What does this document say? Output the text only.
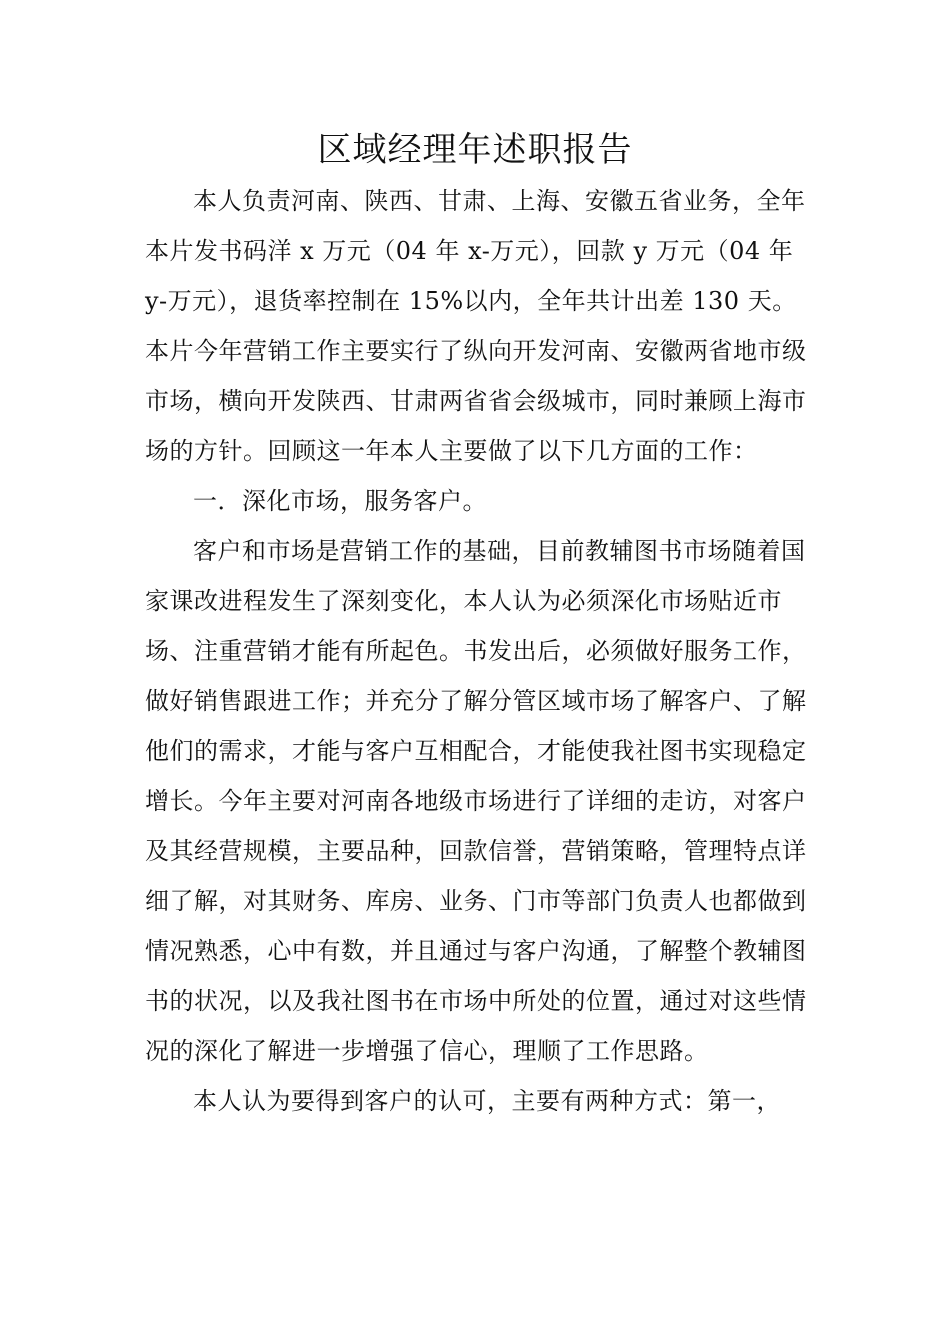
区域经理年述职报告

本人负责河南、陕西、甘肃、上海、安徽五省业务，全年本片发书码洋 x 万元（04 年 x-万元），回款 y 万元（04 年 y-万元），退货率控制在 15%以内，全年共计出差 130 天。本片今年营销工作主要实行了纵向开发河南、安徽两省地市级市场，横向开发陕西、甘肃两省省会级城市，同时兼顾上海市场的方针。回顾这一年本人主要做了以下几方面的工作：

一．深化市场，服务客户。

客户和市场是营销工作的基础，目前教辅图书市场随着国家课改进程发生了深刻变化，本人认为必须深化市场贴近市场、注重营销才能有所起色。书发出后，必须做好服务工作，做好销售跟进工作；并充分了解分管区域市场了解客户、了解他们的需求，才能与客户互相配合，才能使我社图书实现稳定增长。今年主要对河南各地级市场进行了详细的走访，对客户及其经营规模，主要品种，回款信誉，营销策略，管理特点详细了解，对其财务、库房、业务、门市等部门负责人也都做到情况熟悉，心中有数，并且通过与客户沟通，了解整个教辅图书的状况，以及我社图书在市场中所处的位置，通过对这些情况的深化了解进一步增强了信心，理顺了工作思路。

本人认为要得到客户的认可，主要有两种方式：第一，
